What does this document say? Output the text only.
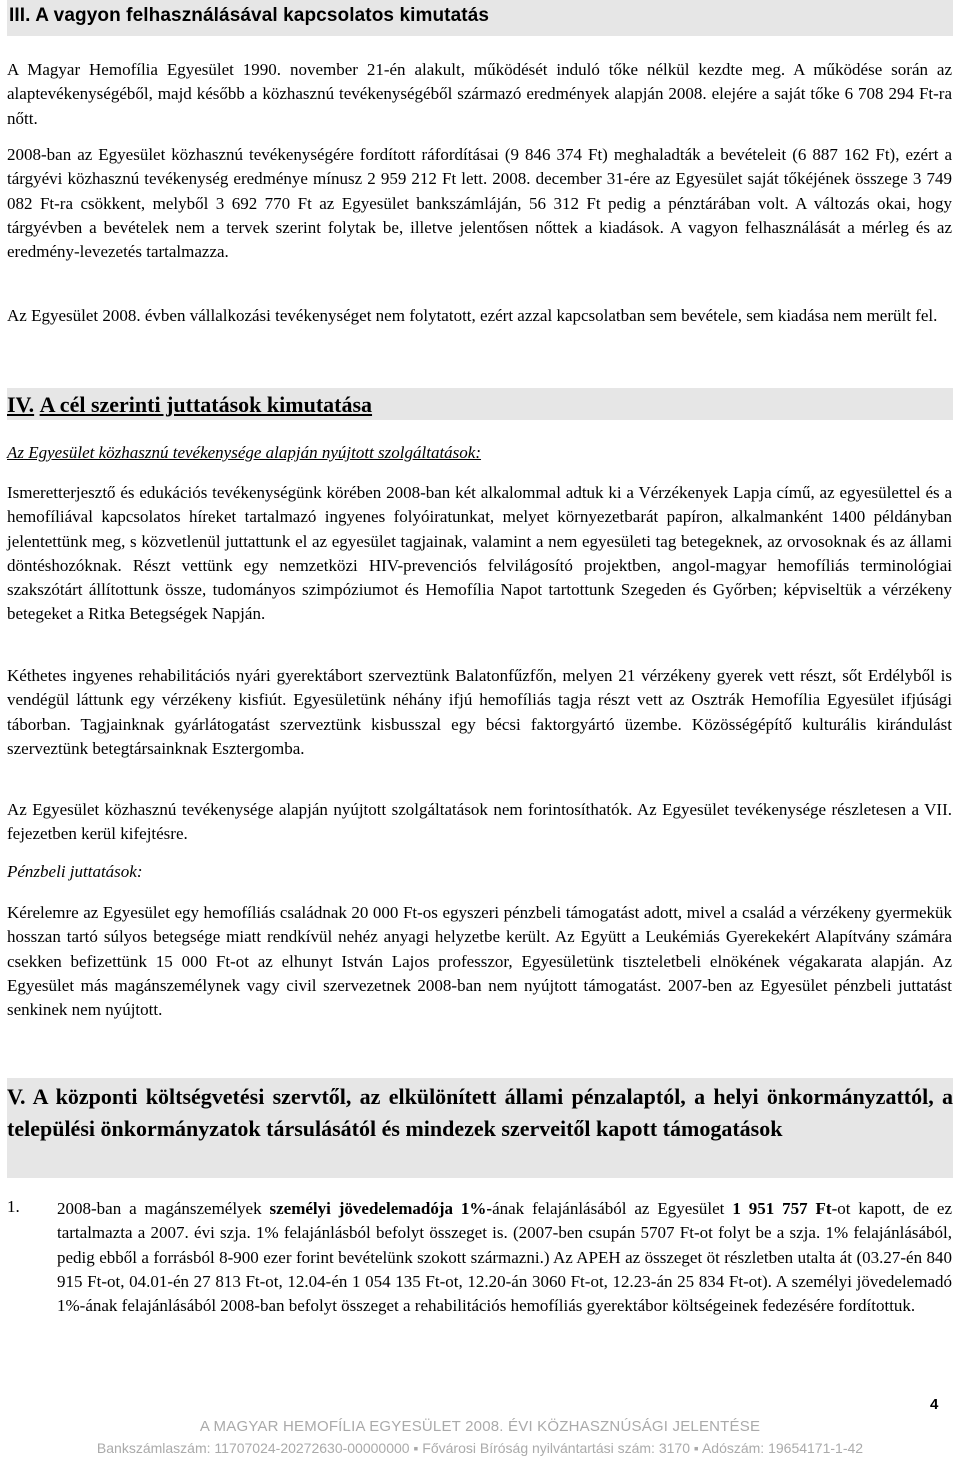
III. A vagyon felhasználásával kapcsolatos kimutatás

A Magyar Hemofília Egyesület 1990. november 21-én alakult, működését induló tőke nélkül kezdte meg. A működése során az alaptevékenységéből, majd később a közhasznú tevékenységéből származó eredmények alapján 2008. elejére a saját tőke 6 708 294 Ft-ra nőtt.

2008-ban az Egyesület közhasznú tevékenységére fordított ráfordításai (9 846 374 Ft) meghaladták a bevételeit (6 887 162 Ft), ezért a tárgyévi közhasznú tevékenység eredménye mínusz 2 959 212 Ft lett. 2008. december 31-ére az Egyesület saját tőkéjének összege 3 749 082 Ft-ra csökkent, melyből 3 692 770 Ft az Egyesület bankszámláján, 56 312 Ft pedig a pénztárában volt. A változás okai, hogy tárgyévben a bevételek nem a tervek szerint folytak be, illetve jelentősen nőttek a kiadások. A vagyon felhasználását a mérleg és az eredmény-levezetés tartalmazza.

Az Egyesület 2008. évben vállalkozási tevékenységet nem folytatott, ezért azzal kapcsolatban sem bevétele, sem kiadása nem merült fel.

IV. A cél szerinti juttatások kimutatása

Az Egyesület közhasznú tevékenysége alapján nyújtott szolgáltatások:

Ismeretterjesztő és edukációs tevékenységünk körében 2008-ban két alkalommal adtuk ki a Vérzékenyek Lapja című, az egyesülettel és a hemofíliával kapcsolatos híreket tartalmazó ingyenes folyóiratunkat, melyet környezetbarát papíron, alkalmanként 1400 példányban jelentettünk meg, s közvetlenül juttattunk el az egyesület tagjainak, valamint a nem egyesületi tag betegeknek, az orvosoknak és az állami döntéshozóknak. Részt vettünk egy nemzetközi HIV-prevenciós felvilágosító projektben, angol-magyar hemofíliás terminológiai szakszótárt állítottunk össze, tudományos szimpóziumot és Hemofília Napot tartottunk Szegeden és Győrben; képviseltük a vérzékeny betegeket a Ritka Betegségek Napján.

Kéthetes ingyenes rehabilitációs nyári gyerektábort szerveztünk Balatonfűzfőn, melyen 21 vérzékeny gyerek vett részt, sőt Erdélyből is vendégül láttunk egy vérzékeny kisfiút. Egyesületünk néhány ifjú hemofíliás tagja részt vett az Osztrák Hemofília Egyesület ifjúsági táborban. Tagjainknak gyárlátogatást szerveztünk kisbusszal egy bécsi faktorgyártó üzembe. Közösségépítő kulturális kirándulást szerveztünk betegtársainknak Esztergomba.

Az Egyesület közhasznú tevékenysége alapján nyújtott szolgáltatások nem forintosíthatók. Az Egyesület tevékenysége részletesen a VII. fejezetben kerül kifejtésre.

Pénzbeli juttatások:

Kérelemre az Egyesület egy hemofíliás családnak 20 000 Ft-os egyszeri pénzbeli támogatást adott, mivel a család a vérzékeny gyermekük hosszan tartó súlyos betegsége miatt rendkívül nehéz anyagi helyzetbe került. Az Együtt a Leukémiás Gyerekekért Alapítvány számára csekken befizettünk 15 000 Ft-ot az elhunyt István Lajos professzor, Egyesületünk tiszteletbeli elnökének végakarata alapján. Az Egyesület más magánszemélynek vagy civil szervezetnek 2008-ban nem nyújtott támogatást. 2007-ben az Egyesület pénzbeli juttatást senkinek nem nyújtott.

V. A központi költségvetési szervtől, az elkülönített állami pénzalaptól, a helyi önkormányzattól, a települési önkormányzatok társulásától és mindezek szerveitől kapott támogatások
1. 2008-ban a magánszemélyek személyi jövedelemadója 1%-ának felajánlásából az Egyesület 1 951 757 Ft-ot kapott, de ez tartalmazta a 2007. évi szja. 1% felajánlásból befolyt összeget is. (2007-ben csupán 5707 Ft-ot folyt be a szja. 1% felajánlásából, pedig ebből a forrásból 8-900 ezer forint bevételünk szokott származni.) Az APEH az összeget öt részletben utalta át (03.27-én 840 915 Ft-ot, 04.01-én 27 813 Ft-ot, 12.04-én 1 054 135 Ft-ot, 12.20-án 3060 Ft-ot, 12.23-án 25 834 Ft-ot). A személyi jövedelemadó 1%-ának felajánlásából 2008-ban befolyt összeget a rehabilitációs hemofíliás gyerektábor költségeinek fedezésére fordítottuk.

4
A MAGYAR HEMOFÍLIA EGYESÜLET 2008. ÉVI KÖZHASZNÚSÁGI JELENTÉSE
Bankszámlaszám: 11707024-20272630-00000000 ▪ Fővárosi Bíróság nyilvántartási szám: 3170 ▪ Adószám: 19654171-1-42
